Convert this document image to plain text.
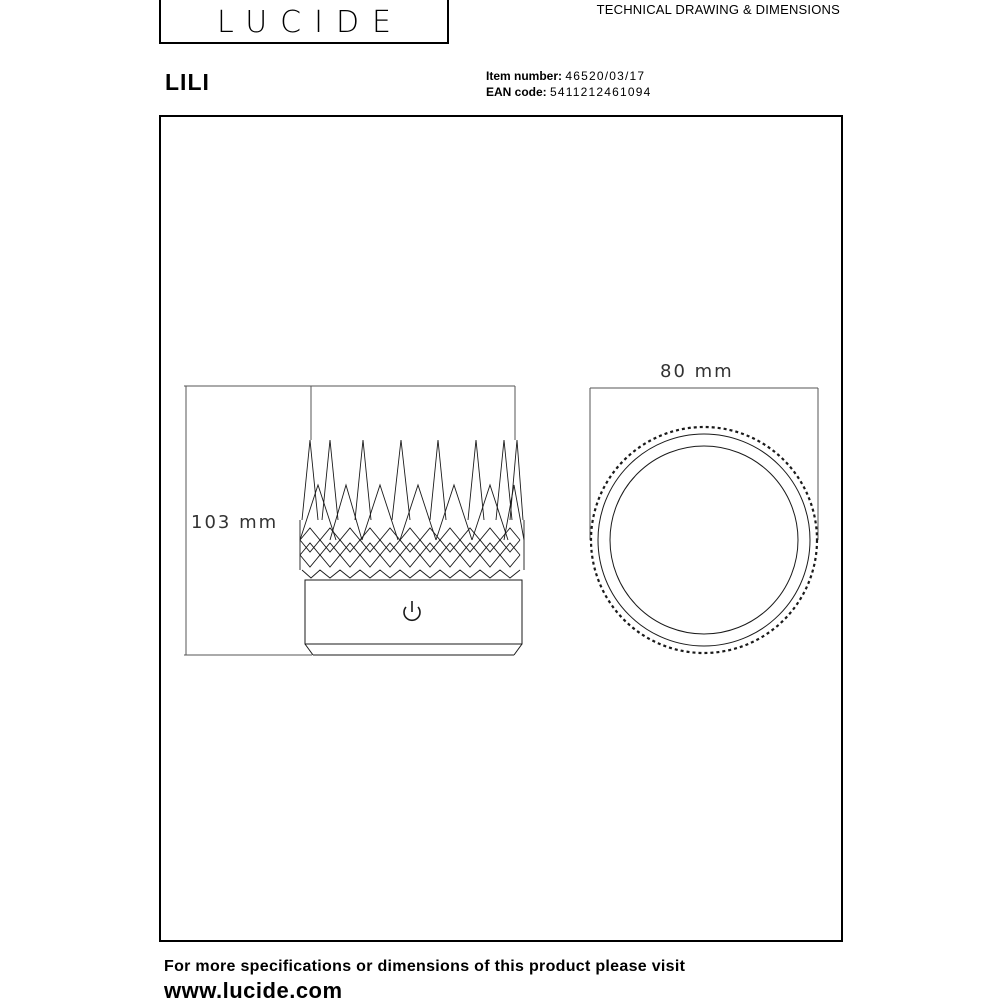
LUCIDE	TECHNICAL DRAWING & DIMENSIONS
LILI	Item number: 46520/03/17
EAN code: 5411212461094
103 mm
80 mm
For more specifications or dimensions of this product please visit
www.lucide.com
